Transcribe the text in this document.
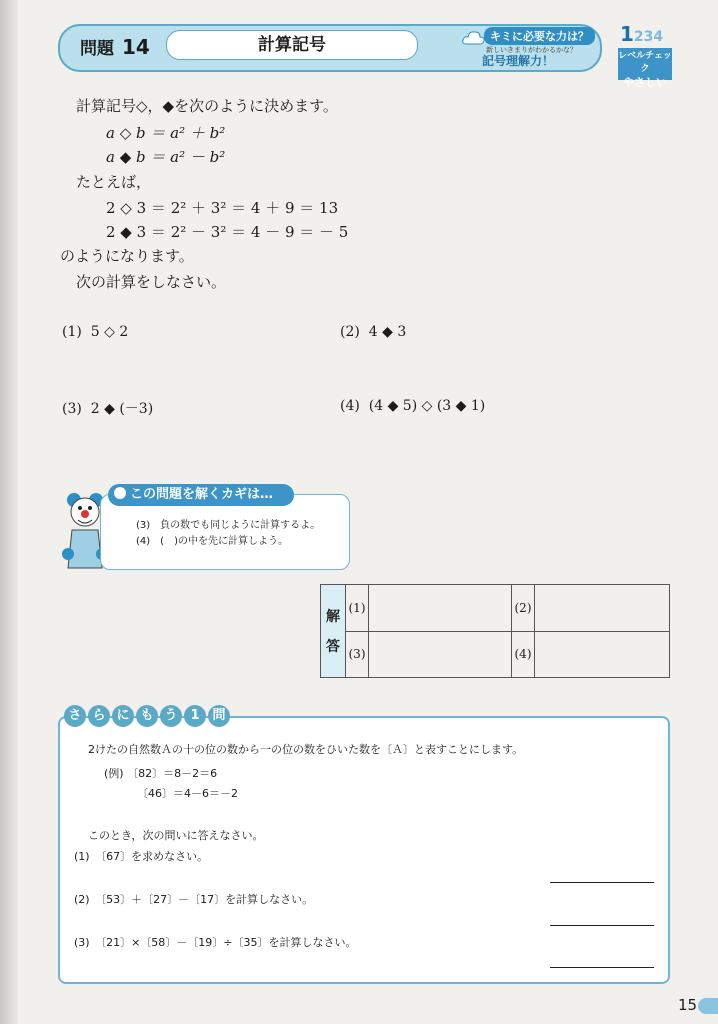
問題 14	計算記号	キミに必要な力は？
新しいきまりがわかるかな？
記号理解力！
1234
レベルチェック
やさしい
計算記号◇，◆を次のように決めます。
a ◇ b ＝ a² ＋ b²
a ◆ b ＝ a² － b²
たとえば，
2 ◇ 3 ＝ 2² ＋ 3² ＝ 4 ＋ 9 ＝ 13
2 ◆ 3 ＝ 2² － 3² ＝ 4 － 9 ＝ － 5
のようになります。
次の計算をしなさい。
(1) 5 ◇ 2	(2) 4 ◆ 3
(3) 2 ◆ (－3)	(4) (4 ◆ 5) ◇ (3 ◆ 1)
この問題を解くカギは…
(3)　負の数でも同じように計算するよ。
(4)　(　)の中を先に計算しよう。
解
答	(1)		(2)	
	(3)		(4)	
さ ら に も う 1 問
2けたの自然数Ａの十の位の数から一の位の数をひいた数を〔Ａ〕と表すことにします。
(例) 〔82〕＝8－2＝6
〔46〕＝4－6＝－2
このとき，次の問いに答えなさい。
(1)　〔67〕を求めなさい。
(2)　〔53〕＋〔27〕－〔17〕を計算しなさい。
(3)　〔21〕×〔58〕－〔19〕÷〔35〕を計算しなさい。
15
